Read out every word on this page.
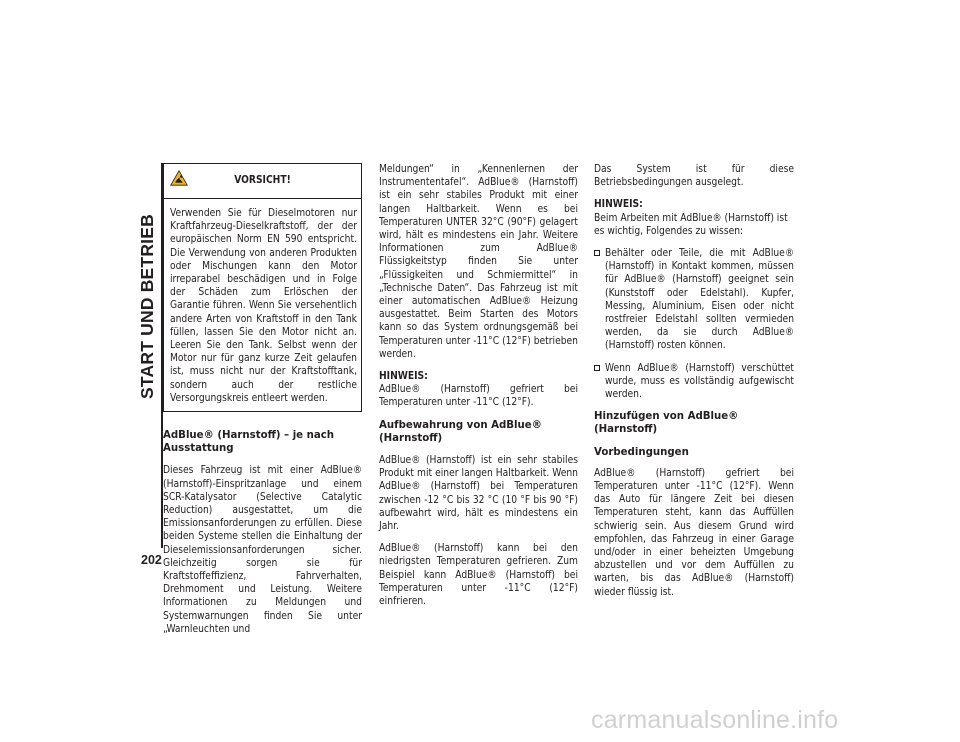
START UND BETRIEB
202
VORSICHT!

Verwenden Sie für Dieselmotoren nur Kraftfahrzeug-Dieselkraftstoff, der der europäischen Norm EN 590 entspricht. Die Verwendung von anderen Produkten oder Mischungen kann den Motor irreparabel beschädigen und in Folge der Schäden zum Erlöschen der Garantie führen. Wenn Sie versehentlich andere Arten von Kraftstoff in den Tank füllen, lassen Sie den Motor nicht an. Leeren Sie den Tank. Selbst wenn der Motor nur für ganz kurze Zeit gelaufen ist, muss nicht nur der Kraftstofftank, sondern auch der restliche Versorgungskreis entleert werden.

AdBlue® (Harnstoff) – je nach Ausstattung

Dieses Fahrzeug ist mit einer AdBlue® (Harnstoff)-Einspritzanlage und einem SCR-Katalysator (Selective Catalytic Reduction) ausgestattet, um die Emissionsanforderungen zu erfüllen. Diese beiden Systeme stellen die Einhaltung der Dieselemissionsanforderungen sicher. Gleichzeitig sorgen sie für Kraftstoffeffizienz, Fahrverhalten, Drehmoment und Leistung. Weitere Informationen zu Meldungen und Systemwarnungen finden Sie unter „Warnleuchten und

Meldungen“ in „Kennenlernen der Instrumententafel“. AdBlue® (Harnstoff) ist ein sehr stabiles Produkt mit einer langen Haltbarkeit. Wenn es bei Temperaturen UNTER 32°C (90°F) gelagert wird, hält es mindestens ein Jahr. Weitere Informationen zum AdBlue® Flüssigkeitstyp finden Sie unter „Flüssigkeiten und Schmiermittel“ in „Technische Daten“. Das Fahrzeug ist mit einer automatischen AdBlue® Heizung ausgestattet. Beim Starten des Motors kann so das System ordnungsgemäß bei Temperaturen unter -11°C (12°F) betrieben werden.

HINWEIS:
AdBlue® (Harnstoff) gefriert bei Temperaturen unter -11°C (12°F).

Aufbewahrung von AdBlue® (Harnstoff)

AdBlue® (Harnstoff) ist ein sehr stabiles Produkt mit einer langen Haltbarkeit. Wenn AdBlue® (Harnstoff) bei Temperaturen zwischen -12 °C bis 32 °C (10 °F bis 90 °F) aufbewahrt wird, hält es mindestens ein Jahr.

AdBlue® (Harnstoff) kann bei den niedrigsten Temperaturen gefrieren. Zum Beispiel kann AdBlue® (Harnstoff) bei Temperaturen unter -11°C (12°F) einfrieren.

Das System ist für diese Betriebsbedingungen ausgelegt.

HINWEIS:
Beim Arbeiten mit AdBlue® (Harnstoff) ist es wichtig, Folgendes zu wissen:

Behälter oder Teile, die mit AdBlue® (Harnstoff) in Kontakt kommen, müssen für AdBlue® (Harnstoff) geeignet sein (Kunststoff oder Edelstahl). Kupfer, Messing, Aluminium, Eisen oder nicht rostfreier Edelstahl sollten vermieden werden, da sie durch AdBlue® (Harnstoff) rosten können.
Wenn AdBlue® (Harnstoff) verschüttet wurde, muss es vollständig aufgewischt werden.
Hinzufügen von AdBlue® (Harnstoff)
Vorbedingungen

AdBlue® (Harnstoff) gefriert bei Temperaturen unter -11°C (12°F). Wenn das Auto für längere Zeit bei diesen Temperaturen steht, kann das Auffüllen schwierig sein. Aus diesem Grund wird empfohlen, das Fahrzeug in einer Garage und/oder in einer beheizten Umgebung abzustellen und vor dem Auffüllen zu warten, bis das AdBlue® (Harnstoff) wieder flüssig ist.

carmanualsonline.info
